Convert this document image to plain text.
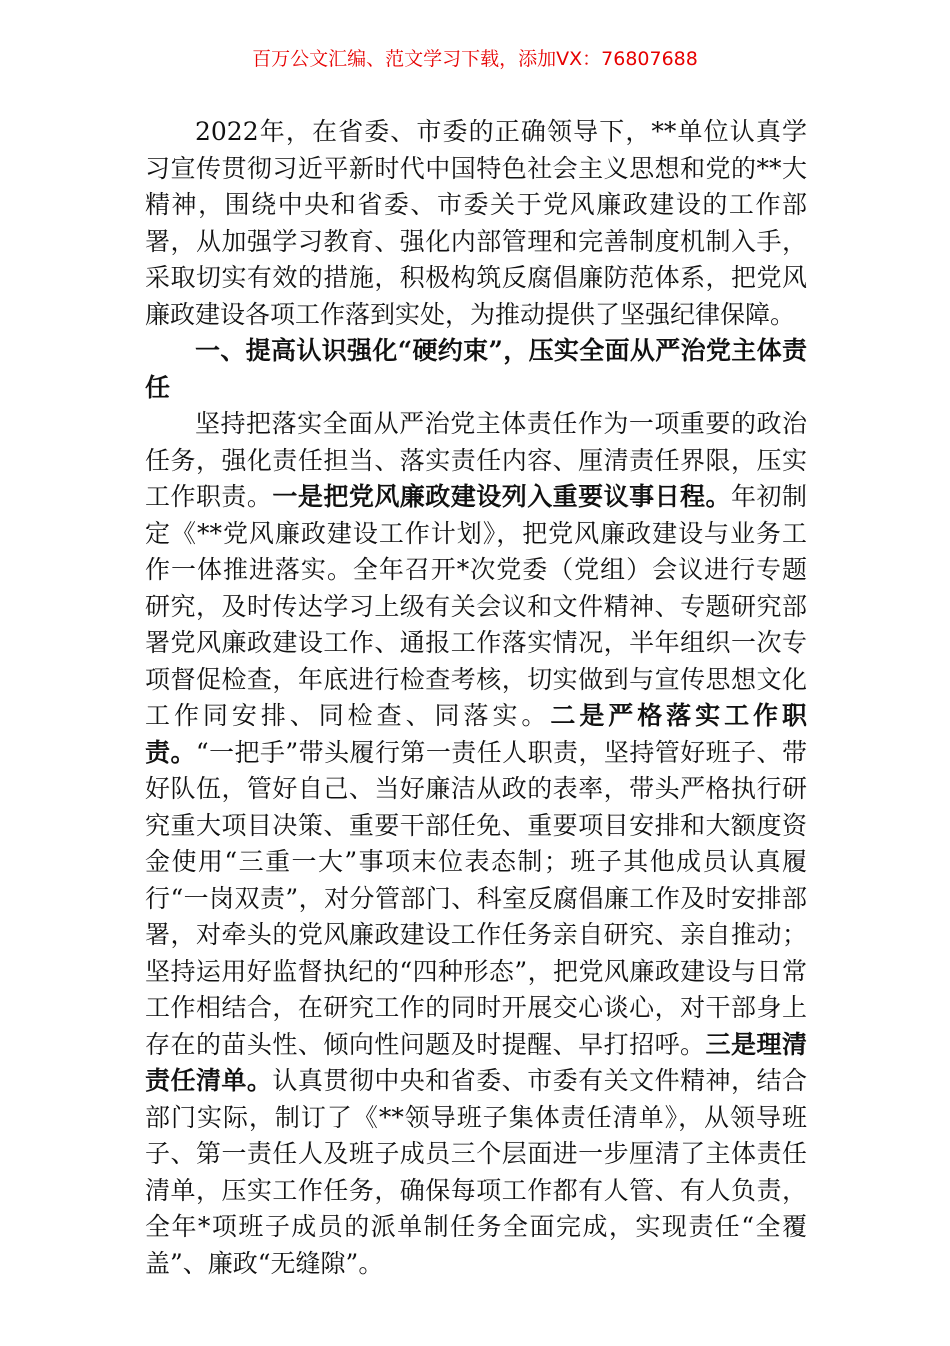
百万公文汇编、范文学习下载，添加VX：76807688

2022年，在省委、市委的正确领导下，**单位认真学习宣传贯彻习近平新时代中国特色社会主义思想和党的**大精神，围绕中央和省委、市委关于党风廉政建设的工作部署，从加强学习教育、强化内部管理和完善制度机制入手，采取切实有效的措施，积极构筑反腐倡廉防范体系，把党风廉政建设各项工作落到实处，为推动提供了坚强纪律保障。

一、提高认识强化“硬约束”，压实全面从严治党主体责任

坚持把落实全面从严治党主体责任作为一项重要的政治任务，强化责任担当、落实责任内容、厘清责任界限，压实工作职责。一是把党风廉政建设列入重要议事日程。年初制定《**党风廉政建设工作计划》，把党风廉政建设与业务工作一体推进落实。全年召开*次党委（党组）会议进行专题研究，及时传达学习上级有关会议和文件精神、专题研究部署党风廉政建设工作、通报工作落实情况，半年组织一次专项督促检查，年底进行检查考核，切实做到与宣传思想文化工作同安排、同检查、同落实。二是严格落实工作职责。“一把手”带头履行第一责任人职责，坚持管好班子、带好队伍，管好自己、当好廉洁从政的表率，带头严格执行研究重大项目决策、重要干部任免、重要项目安排和大额度资金使用“三重一大”事项末位表态制；班子其他成员认真履行“一岗双责”，对分管部门、科室反腐倡廉工作及时安排部署，对牵头的党风廉政建设工作任务亲自研究、亲自推动；坚持运用好监督执纪的“四种形态”，把党风廉政建设与日常工作相结合，在研究工作的同时开展交心谈心，对干部身上存在的苗头性、倾向性问题及时提醒、早打招呼。三是理清责任清单。认真贯彻中央和省委、市委有关文件精神，结合部门实际，制订了《**领导班子集体责任清单》，从领导班子、第一责任人及班子成员三个层面进一步厘清了主体责任清单，压实工作任务，确保每项工作都有人管、有人负责，全年*项班子成员的派单制任务全面完成，实现责任“全覆盖”、廉政“无缝隙”。
